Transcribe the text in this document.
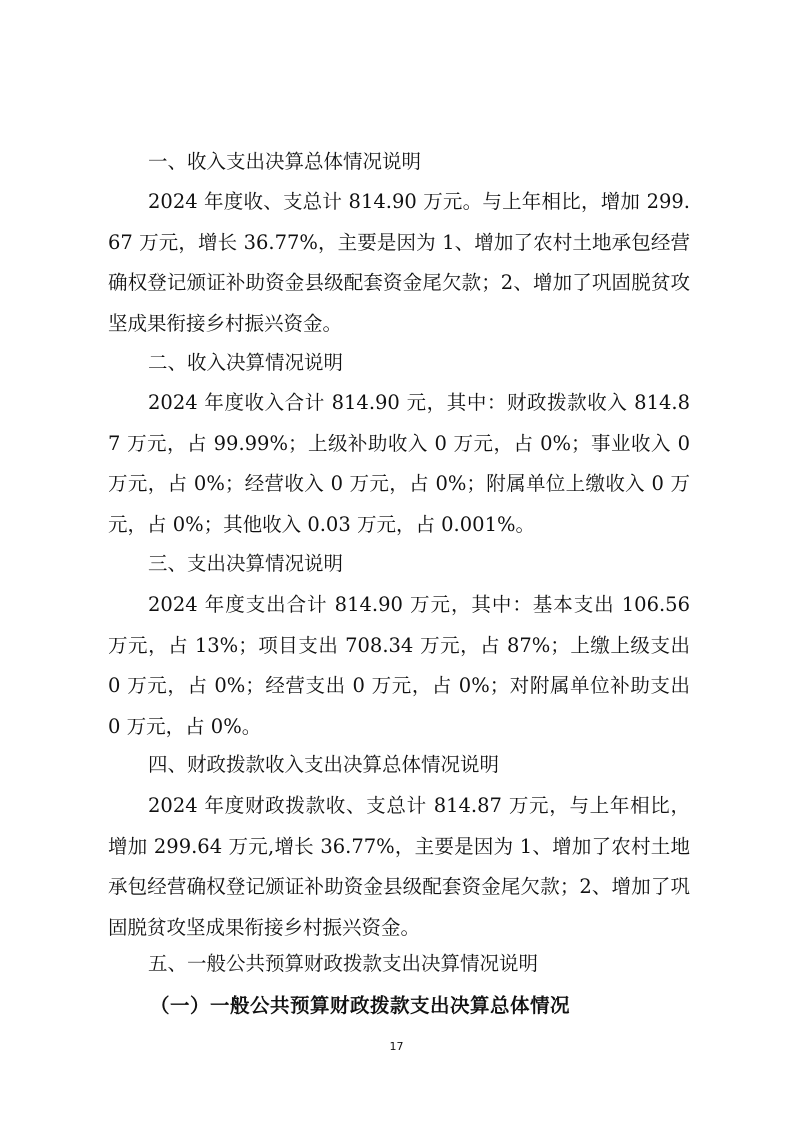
一、收入支出决算总体情况说明
2024 年度收、支总计 814.90 万元。与上年相比，增加 299.67 万元，增长 36.77%，主要是因为 1、增加了农村土地承包经营确权登记颁证补助资金县级配套资金尾欠款；2、增加了巩固脱贫攻坚成果衔接乡村振兴资金。
二、收入决算情况说明
2024 年度收入合计 814.90 元，其中：财政拨款收入 814.87 万元，占 99.99%；上级补助收入 0 万元，占 0%；事业收入 0 万元，占 0%；经营收入 0 万元，占 0%；附属单位上缴收入 0 万元，占 0%；其他收入 0.03 万元，占 0.001%。
三、支出决算情况说明
2024 年度支出合计 814.90 万元，其中：基本支出 106.56 万元，占 13%；项目支出 708.34 万元，占 87%；上缴上级支出 0 万元，占 0%；经营支出 0 万元，占 0%；对附属单位补助支出 0 万元，占 0%。
四、财政拨款收入支出决算总体情况说明
2024 年度财政拨款收、支总计 814.87 万元，与上年相比，增加 299.64 万元,增长 36.77%，主要是因为 1、增加了农村土地承包经营确权登记颁证补助资金县级配套资金尾欠款；2、增加了巩固脱贫攻坚成果衔接乡村振兴资金。
五、一般公共预算财政拨款支出决算情况说明
（一）一般公共预算财政拨款支出决算总体情况
17
